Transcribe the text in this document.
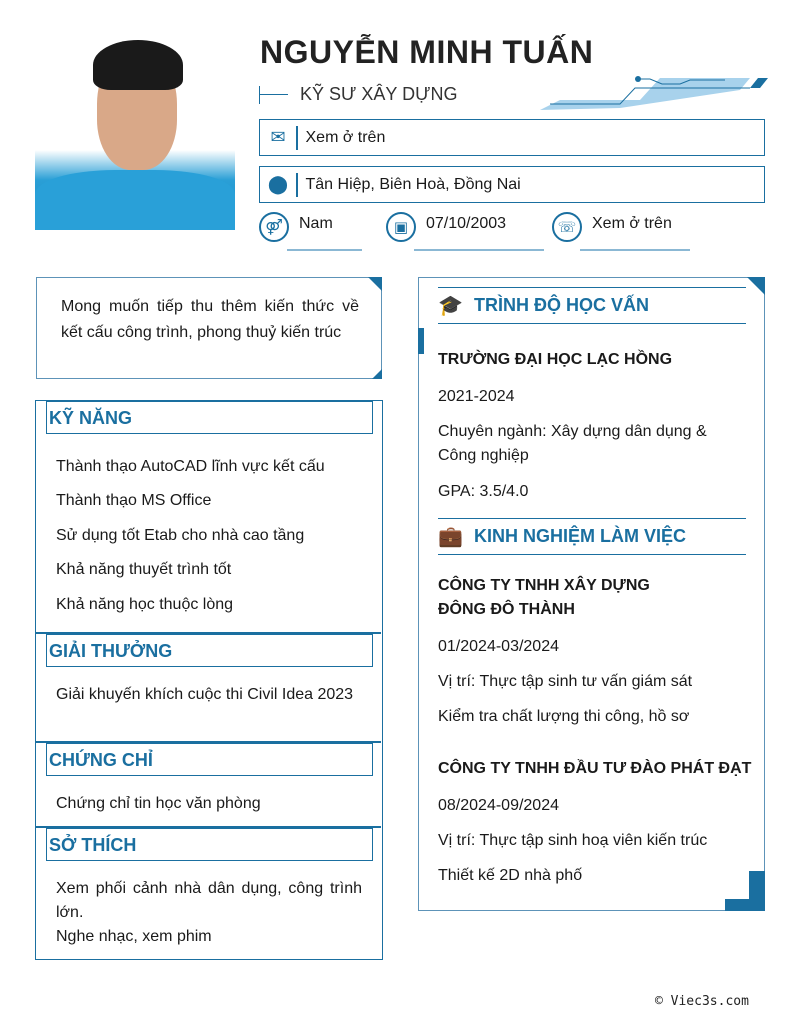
NGUYỄN MINH TUẤN
KỸ SƯ XÂY DỰNG
✉	Xem ở trên
⬤	Tân Hiệp, Biên Hoà, Đồng Nai
⚤	Nam	▣	07/10/2003	☏ Xem ở trên

Mong muốn tiếp thu thêm kiến thức về kết cấu công trình, phong thuỷ kiến trúc

KỸ NĂNG
Thành thạo AutoCAD lĩnh vực kết cấu
Thành thạo MS Office
Sử dụng tốt Etab cho nhà cao tầng
Khả năng thuyết trình tốt
Khả năng học thuộc lòng
GIẢI THƯỞNG
Giải khuyến khích cuộc thi Civil Idea 2023
CHỨNG CHỈ
Chứng chỉ tin học văn phòng
SỞ THÍCH
Xem phối cảnh nhà dân dụng, công trình lớn.
Nghe nhạc, xem phim
🎓 TRÌNH ĐỘ HỌC VẤN
TRƯỜNG ĐẠI HỌC LẠC HỒNG
2021-2024
Chuyên ngành: Xây dựng dân dụng & Công nghiệp
GPA: 3.5/4.0
💼 KINH NGHIỆM LÀM VIỆC
CÔNG TY TNHH XÂY DỰNG ĐÔNG ĐÔ THÀNH
01/2024-03/2024
Vị trí: Thực tập sinh tư vấn giám sát
Kiểm tra chất lượng thi công, hồ sơ
CÔNG TY TNHH ĐẦU TƯ ĐÀO PHÁT ĐẠT
08/2024-09/2024
Vị trí: Thực tập sinh hoạ viên kiến trúc
Thiết kế 2D nhà phố
© Viec3s.com
